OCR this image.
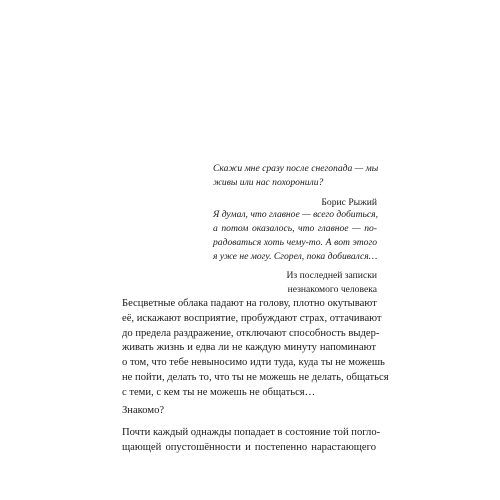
Скажи мне сразу после снегопада — мы
живы или нас похоронили?

Борис Рыжий

Я думал, что главное — всего добиться,
а потом оказалось, что главное — по-
радоваться хоть чему-то. А вот этого
я уже не могу. Сгорел, пока добивался…

Из последней записки
незнакомого человека

Бесцветные облака падают на голову, плотно окутывают
её, искажают восприятие, пробуждают страх, оттачивают
до предела раздражение, отключают способность выдер-
живать жизнь и едва ли не каждую минуту напоминают
о том, что тебе невыносимо идти туда, куда ты не можешь
не пойти, делать то, что ты не можешь не делать, общаться
с теми, с кем ты не можешь не общаться…
Знакомо?
Почти каждый однажды попадает в состояние той погло-
щающей опустошённости и постепенно нарастающего
